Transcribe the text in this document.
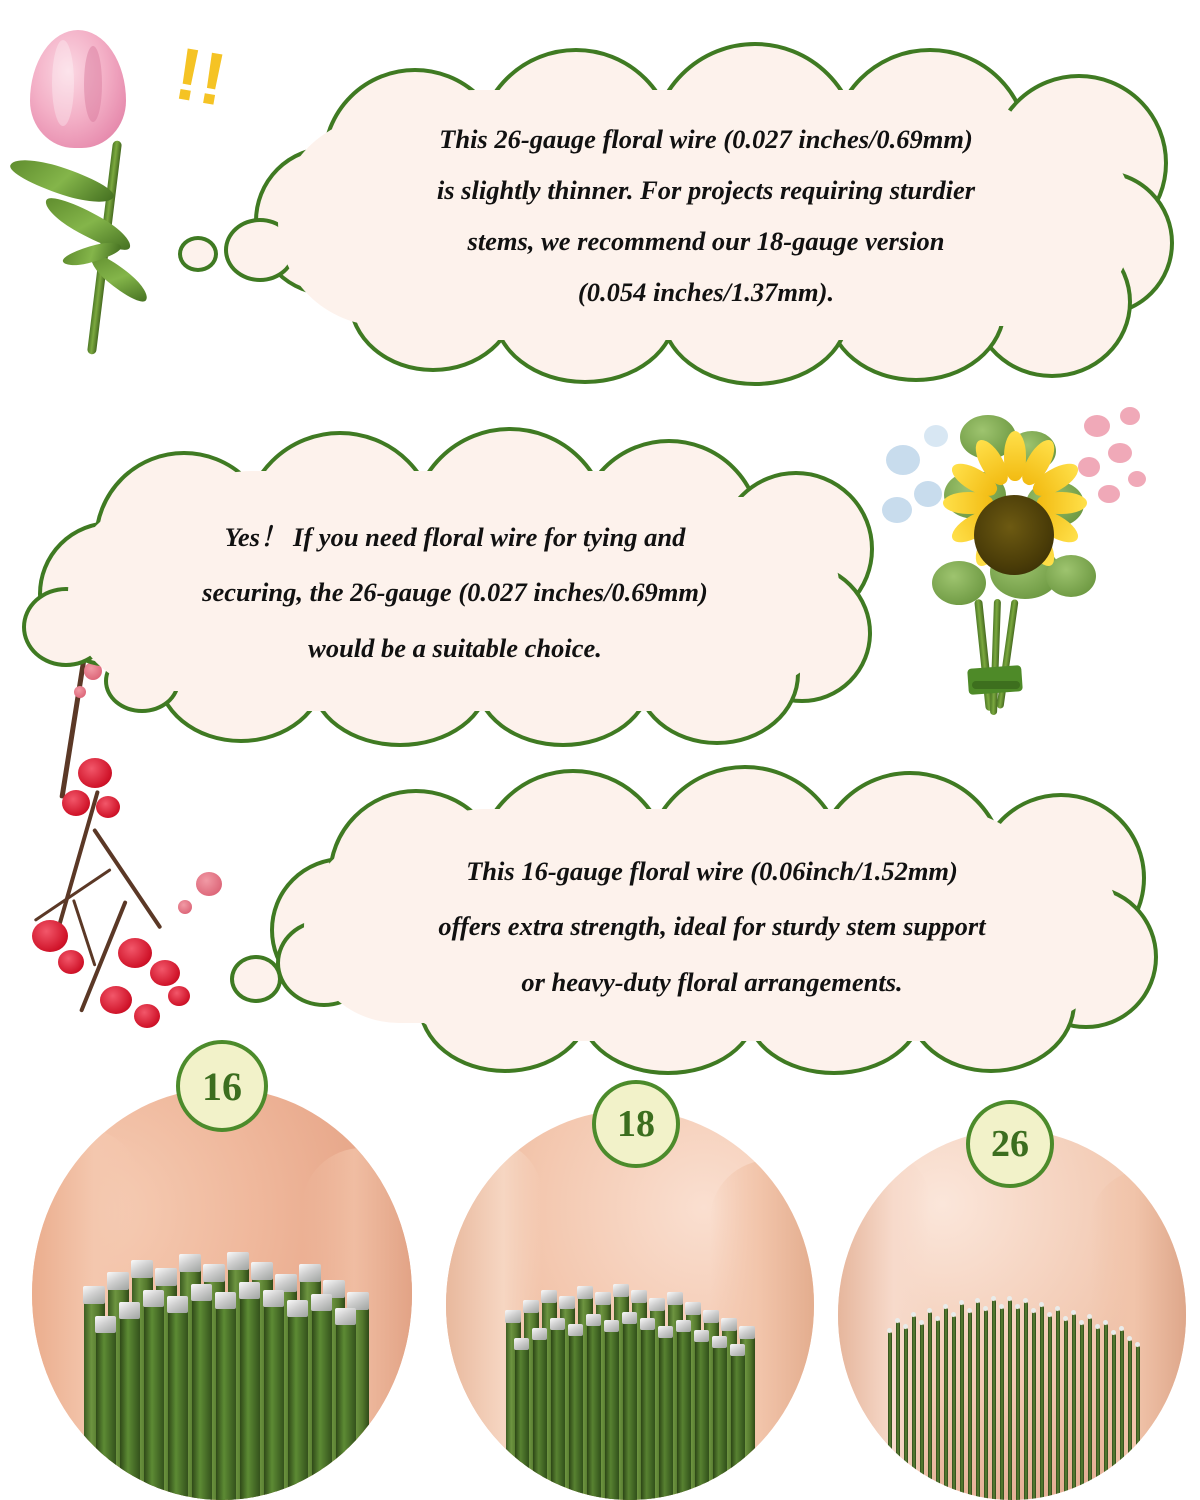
!!
This 26-gauge floral wire (0.027 inches/0.69mm)
is slightly thinner. For projects requiring sturdier
stems, we recommend our 18-gauge version
(0.054 inches/1.37mm).
Yes！ If you need floral wire for tying and
securing, the 26-gauge (0.027 inches/0.69mm)
would be a suitable choice.
This 16-gauge floral wire (0.06inch/1.52mm)
offers extra strength, ideal for sturdy stem support
or heavy-duty floral arrangements.
16
18	26
